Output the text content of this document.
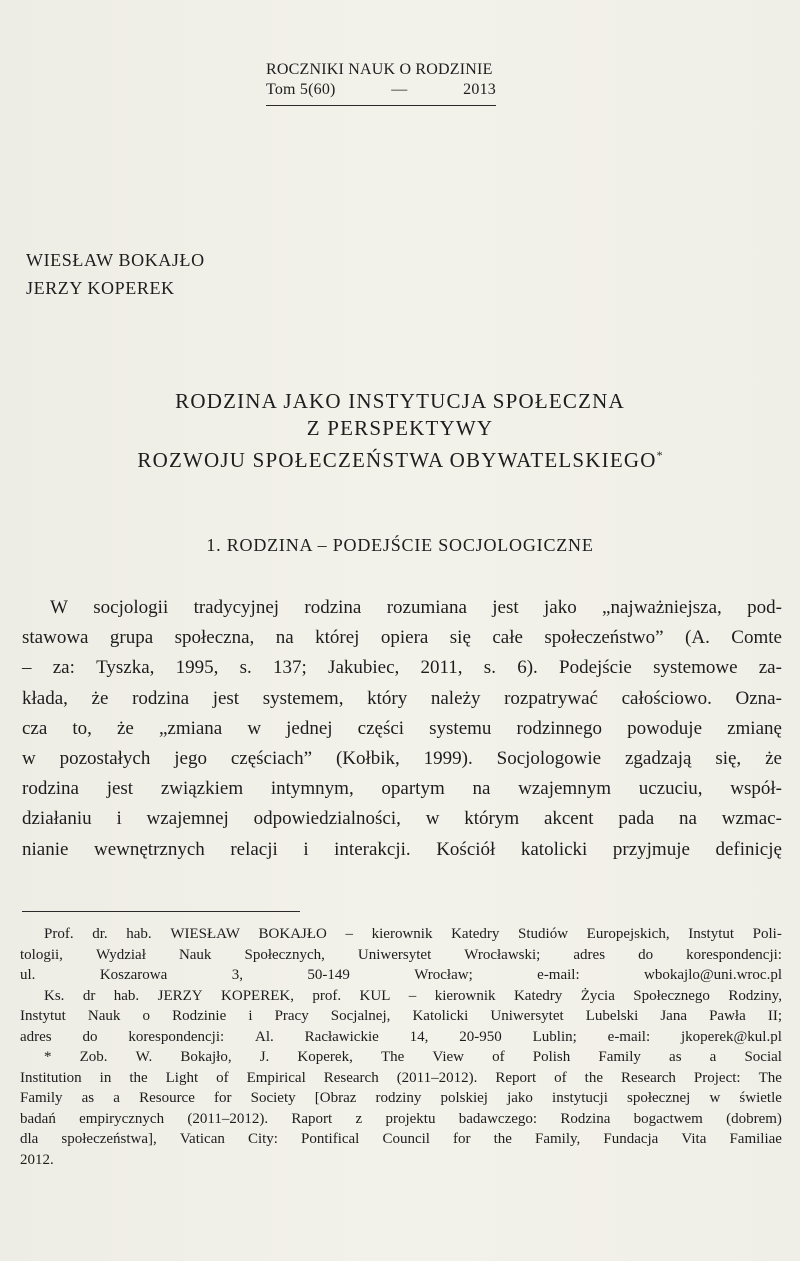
ROCZNIKI NAUK O RODZINIE
Tom 5(60)	—	2013
WIESŁAW BOKAJŁO
JERZY KOPEREK
RODZINA JAKO INSTYTUCJA SPOŁECZNA
Z PERSPEKTYWY
ROZWOJU SPOŁECZEŃSTWA OBYWATELSKIEGO*
1. RODZINA – PODEJŚCIE SOCJOLOGICZNE
W socjologii tradycyjnej rodzina rozumiana jest jako „najważniejsza, pod-
stawowa grupa społeczna, na której opiera się całe społeczeństwo” (A. Comte
– za: Tyszka, 1995, s. 137; Jakubiec, 2011, s. 6). Podejście systemowe za-
kłada, że rodzina jest systemem, który należy rozpatrywać całościowo. Ozna-
cza to, że „zmiana w jednej części systemu rodzinnego powoduje zmianę
w pozostałych jego częściach” (Kołbik, 1999). Socjologowie zgadzają się, że
rodzina jest związkiem intymnym, opartym na wzajemnym uczuciu, współ-
działaniu i wzajemnej odpowiedzialności, w którym akcent pada na wzmac-
nianie wewnętrznych relacji i interakcji. Kościół katolicki przyjmuje definicję
Prof. dr. hab. WIESŁAW BOKAJŁO – kierownik Katedry Studiów Europejskich, Instytut Poli-
tologii, Wydział Nauk Społecznych, Uniwersytet Wrocławski; adres do korespondencji:
ul.	Koszarowa	3,	50-149	Wrocław;	e-mail:	wbokajlo@uni.wroc.pl
Ks. dr hab. JERZY KOPEREK, prof. KUL – kierownik Katedry Życia Społecznego Rodziny,
Instytut Nauk o Rodzinie i Pracy Socjalnej, Katolicki Uniwersytet Lubelski Jana Pawła II;
adres do korespondencji: Al. Racławickie 14, 20-950 Lublin; e-mail: jkoperek@kul.pl
* Zob. W. Bokajło, J. Koperek, The View of Polish Family as a Social
Institution in the Light of Empirical Research (2011–2012). Report of the Research Project: The
Family as a Resource for Society [Obraz rodziny polskiej jako instytucji społecznej w świetle
badań empirycznych (2011–2012). Raport z projektu badawczego: Rodzina bogactwem (dobrem)
dla społeczeństwa], Vatican City: Pontifical Council for the Family, Fundacja Vita Familiae
2012.
